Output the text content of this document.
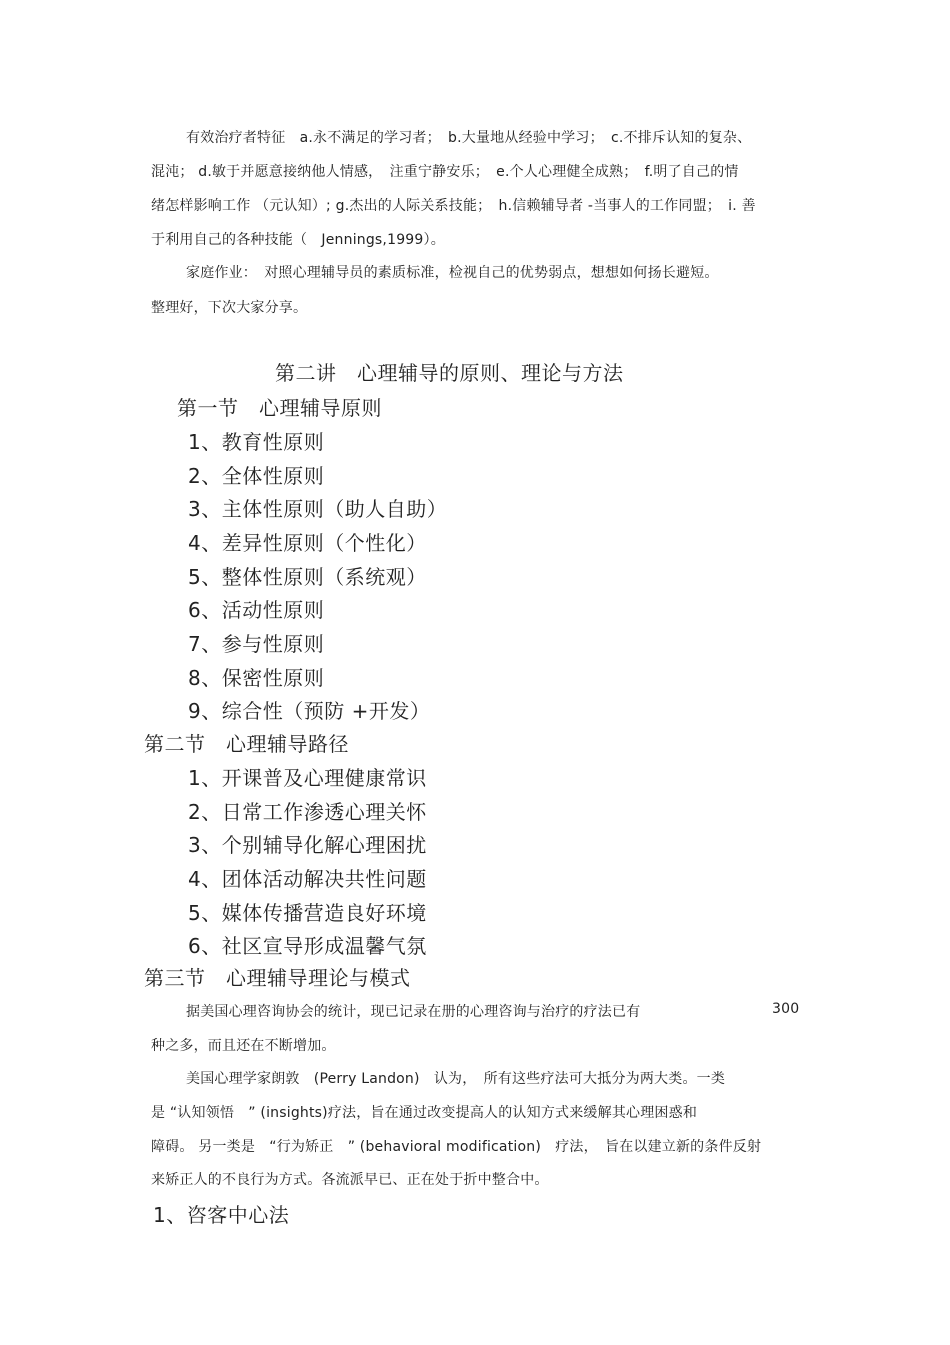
有效治疗者特征　a.永不满足的学习者；　b.大量地从经验中学习；　c.不排斥认知的复杂、
混沌； d.敏于并愿意接纳他人情感，　注重宁静安乐；　e.个人心理健全成熟；　f.明了自己的情
绪怎样影响工作 （元认知）; g.杰出的人际关系技能；　h.信赖辅导者 -当事人的工作同盟；　i. 善
于利用自己的各种技能（　Jennings,1999）。
家庭作业：　对照心理辅导员的素质标准，检视自己的优势弱点，想想如何扬长避短。
整理好，下次大家分享。
第二讲　心理辅导的原则、理论与方法
第一节　心理辅导原则
1、教育性原则
2、全体性原则
3、主体性原则（助人自助）
4、差异性原则（个性化）
5、整体性原则（系统观）
6、活动性原则
7、参与性原则
8、保密性原则
9、综合性（预防 +开发）
第二节　心理辅导路径
1、开课普及心理健康常识
2、日常工作渗透心理关怀
3、个别辅导化解心理困扰
4、团体活动解决共性问题
5、媒体传播营造良好环境
6、社区宣导形成温馨气氛
第三节　心理辅导理论与模式
据美国心理咨询协会的统计，现已记录在册的心理咨询与治疗的疗法已有	300
种之多，而且还在不断增加。
美国心理学家朗敦　(Perry Landon)　认为，　所有这些疗法可大抵分为两大类。一类
是 “认知领悟　” (insights)疗法，旨在通过改变提高人的认知方式来缓解其心理困惑和
障碍。 另一类是　“行为矫正　” (behavioral modification)　疗法，　旨在以建立新的条件反射
来矫正人的不良行为方式。各流派早已、正在处于折中整合中。
1、咨客中心法
